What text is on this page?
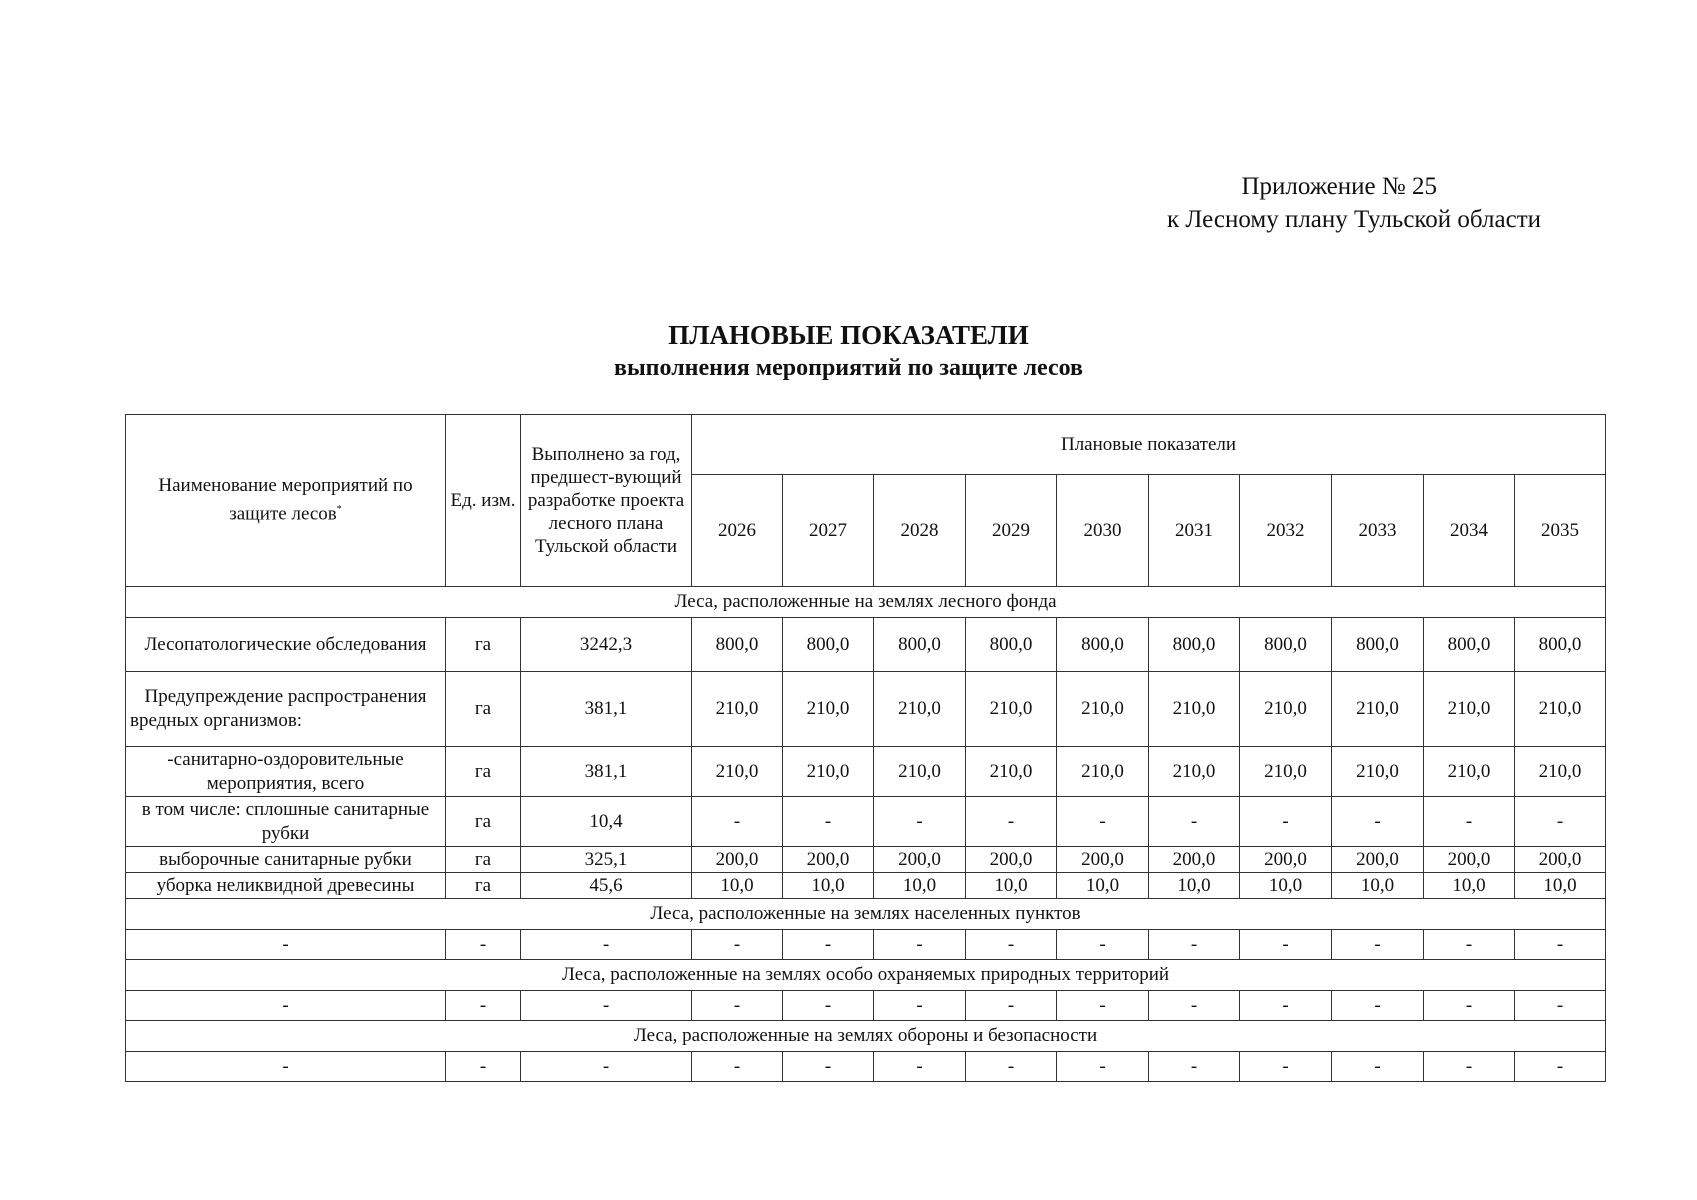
Приложение № 25
к Лесному плану Тульской области
ПЛАНОВЫЕ ПОКАЗАТЕЛИ
выполнения мероприятий по защите лесов
Наименование мероприятий по защите лесов*	Ед. изм.	Выполнено за год, предшест-вующий разработке проекта лесного плана Тульской области	Плановые показатели									
			2026	2027	2028	2029	2030	2031	2032	2033	2034	2035
Леса, расположенные на землях лесного фонда												
Лесопатологические обследования	га	3242,3	800,0	800,0	800,0	800,0	800,0	800,0	800,0	800,0	800,0	800,0
Предупреждение распространения вредных организмов:	га	381,1	210,0	210,0	210,0	210,0	210,0	210,0	210,0	210,0	210,0	210,0
-санитарно-оздоровительные мероприятия, всего	га	381,1	210,0	210,0	210,0	210,0	210,0	210,0	210,0	210,0	210,0	210,0
в том числе: сплошные санитарные рубки	га	10,4	-	-	-	-	-	-	-	-	-	-
выборочные санитарные рубки	га	325,1	200,0	200,0	200,0	200,0	200,0	200,0	200,0	200,0	200,0	200,0
уборка неликвидной древесины	га	45,6	10,0	10,0	10,0	10,0	10,0	10,0	10,0	10,0	10,0	10,0
Леса, расположенные на землях населенных пунктов												
-	-	-	-	-	-	-	-	-	-	-	-	-
Леса, расположенные на землях особо охраняемых природных территорий												
-	-	-	-	-	-	-	-	-	-	-	-	-
Леса, расположенные на землях обороны и безопасности												
-	-	-	-	-	-	-	-	-	-	-	-	-
